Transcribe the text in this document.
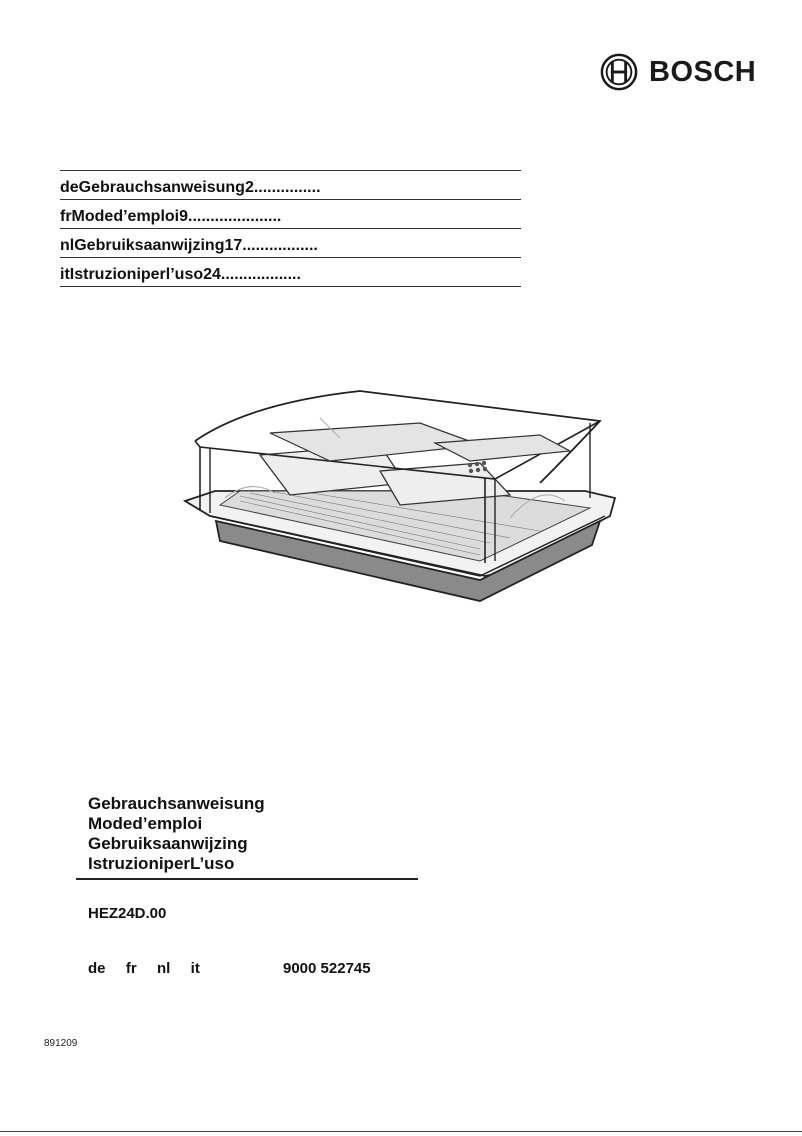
BOSCH
deGebrauchsanweisung2...............
frModed’emploi9.....................
nlGebruiksaanwijzing17.................
itIstruzioniperl’uso24..................
Gebrauchsanweisung
Moded’emploi
Gebruiksaanwijzing
IstruzioniperL’uso
HEZ24D.00
de  fr  nl  it	9000 522745
891209
